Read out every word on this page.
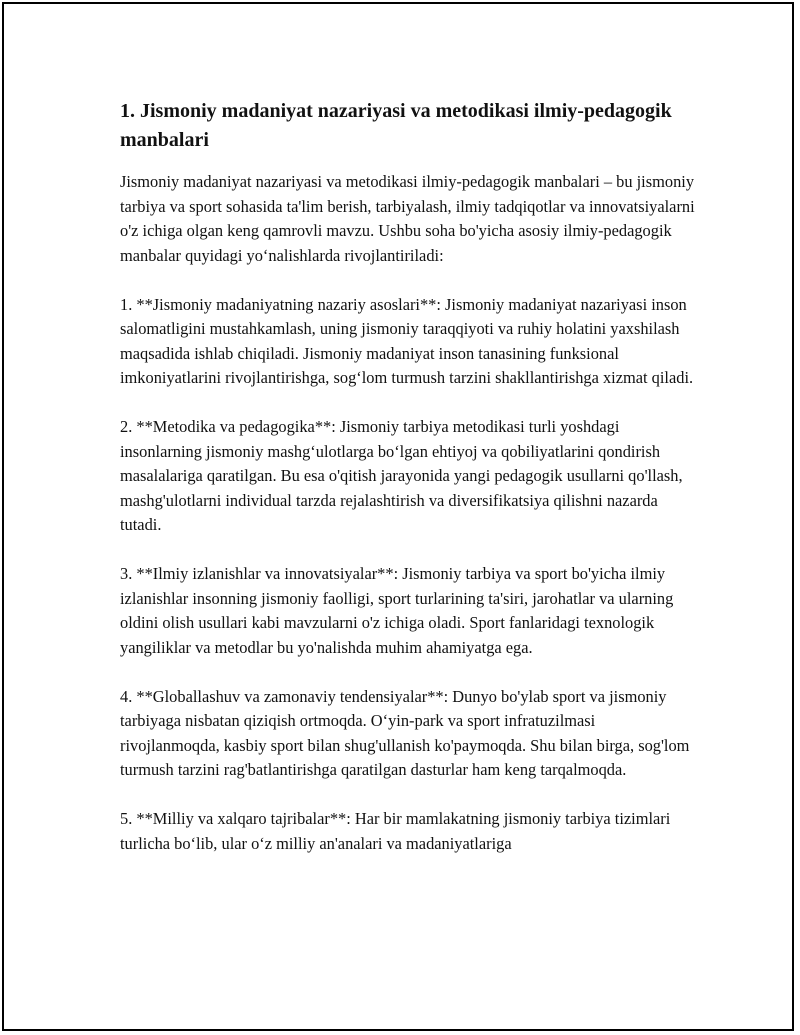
1. Jismoniy madaniyat nazariyasi va metodikasi ilmiy-pedagogik manbalari

Jismoniy madaniyat nazariyasi va metodikasi ilmiy-pedagogik manbalari – bu jismoniy tarbiya va sport sohasida ta'lim berish, tarbiyalash, ilmiy tadqiqotlar va innovatsiyalarni o'z ichiga olgan keng qamrovli mavzu. Ushbu soha bo'yicha asosiy ilmiy-pedagogik manbalar quyidagi yo‘nalishlarda rivojlantiriladi:

1. **Jismoniy madaniyatning nazariy asoslari**: Jismoniy madaniyat nazariyasi inson salomatligini mustahkamlash, uning jismoniy taraqqiyoti va ruhiy holatini yaxshilash maqsadida ishlab chiqiladi. Jismoniy madaniyat inson tanasining funksional imkoniyatlarini rivojlantirishga, sog‘lom turmush tarzini shakllantirishga xizmat qiladi.

2. **Metodika va pedagogika**: Jismoniy tarbiya metodikasi turli yoshdagi insonlarning jismoniy mashg‘ulotlarga bo‘lgan ehtiyoj va qobiliyatlarini qondirish masalalariga qaratilgan. Bu esa o'qitish jarayonida yangi pedagogik usullarni qo'llash, mashg'ulotlarni individual tarzda rejalashtirish va diversifikatsiya qilishni nazarda tutadi.

3. **Ilmiy izlanishlar va innovatsiyalar**: Jismoniy tarbiya va sport bo'yicha ilmiy izlanishlar insonning jismoniy faolligi, sport turlarining ta'siri, jarohatlar va ularning oldini olish usullari kabi mavzularni o'z ichiga oladi. Sport fanlaridagi texnologik yangiliklar va metodlar bu yo'nalishda muhim ahamiyatga ega.

4. **Globallashuv va zamonaviy tendensiyalar**: Dunyo bo'ylab sport va jismoniy tarbiyaga nisbatan qiziqish ortmoqda. O‘yin-park va sport infratuzilmasi rivojlanmoqda, kasbiy sport bilan shug'ullanish ko'paymoqda. Shu bilan birga, sog'lom turmush tarzini rag'batlantirishga qaratilgan dasturlar ham keng tarqalmoqda.

5. **Milliy va xalqaro tajribalar**: Har bir mamlakatning jismoniy tarbiya tizimlari turlicha bo‘lib, ular o‘z milliy an'analari va madaniyatlariga
